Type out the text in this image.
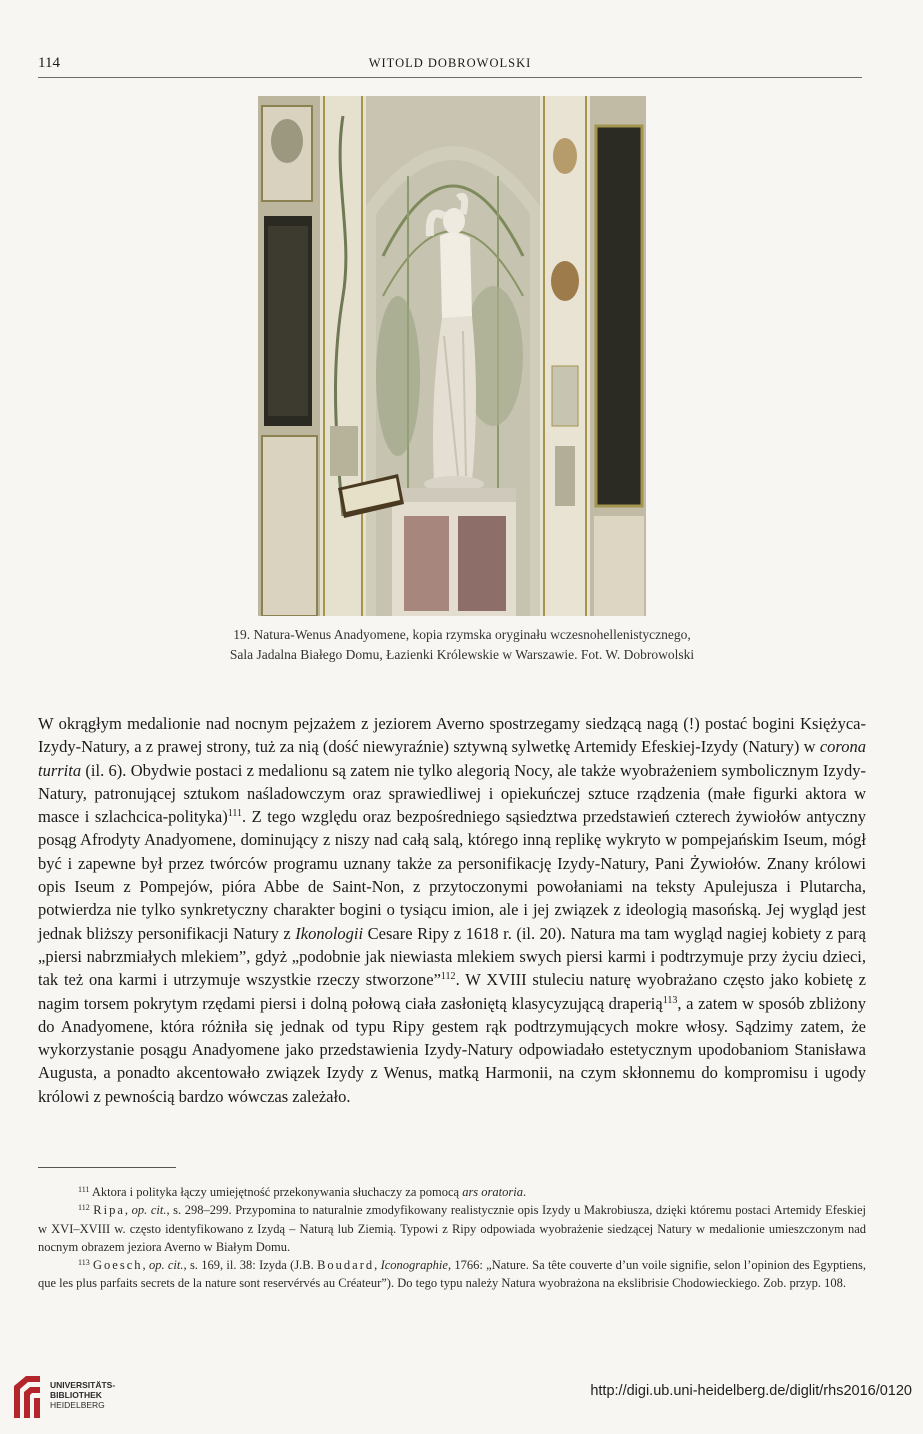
114	WITOLD DOBROWOLSKI
19. Natura-Wenus Anadyomene, kopia rzymska oryginału wczesnohellenistycznego,
Sala Jadalna Białego Domu, Łazienki Królewskie w Warszawie. Fot. W. Dobrowolski

W okrągłym medalionie nad nocnym pejzażem z jeziorem Averno spostrzegamy siedzącą nagą (!) postać bogini Księżyca-Izydy-Natury, a z prawej strony, tuż za nią (dość niewyraźnie) sztywną sylwetkę Artemidy Efeskiej-Izydy (Natury) w corona turrita (il. 6). Obydwie postaci z medalionu są zatem nie tylko alegorią Nocy, ale także wyobrażeniem symbolicznym Izydy-Natury, patronującej sztukom naśladowczym oraz sprawiedliwej i opiekuńczej sztuce rządzenia (małe figurki aktora w masce i szlachcica-polityka)$^{111}$. Z tego względu oraz bezpośredniego sąsiedztwa przedstawień czterech żywiołów antyczny posąg Afrodyty Anadyomene, dominujący z niszy nad całą salą, którego inną replikę wykryto w pompejańskim Iseum, mógł być i zapewne był przez twórców programu uznany także za personifikację Izydy-Natury, Pani Żywiołów. Znany królowi opis Iseum z Pompejów, pióra Abbe de Saint-Non, z przytoczonymi powołaniami na teksty Apulejusza i Plutarcha, potwierdza nie tylko synkretyczny charakter bogini o tysiącu imion, ale i jej związek z ideologią masońską. Jej wygląd jest jednak bliższy personifikacji Natury z Ikonologii Cesare Ripy z 1618 r. (il. 20). Natura ma tam wygląd nagiej kobiety z parą „piersi nabrzmiałych mlekiem”, gdyż „podobnie jak niewiasta mlekiem swych piersi karmi i podtrzymuje przy życiu dzieci, tak też ona karmi i utrzymuje wszystkie rzeczy stworzone”$^{112}$. W XVIII stuleciu naturę wyobrażano często jako kobietę z nagim torsem pokrytym rzędami piersi i dolną połową ciała zasłoniętą klasycyzującą draperią$^{113}$, a zatem w sposób zbliżony do Anadyomene, która różniła się jednak od typu Ripy gestem rąk podtrzymujących mokre włosy. Sądzimy zatem, że wykorzystanie posągu Anadyomene jako przedstawienia Izydy-Natury odpowiadało estetycznym upodobaniom Stanisława Augusta, a ponadto akcentowało związek Izydy z Wenus, matką Harmonii, na czym skłonnemu do kompromisu i ugody królowi z pewnością bardzo wówczas zależało.

$^{111}$ Aktora i polityka łączy umiejętność przekonywania słuchaczy za pomocą ars oratoria.

$^{112}$ Ripa, op. cit., s. 298–299. Przypomina to naturalnie zmodyfikowany realistycznie opis Izydy u Makrobiusza, dzięki któremu postaci Artemidy Efeskiej w XVI–XVIII w. często identyfikowano z Izydą – Naturą lub Ziemią. Typowi z Ripy odpowiada wyobrażenie siedzącej Natury w medalionie umieszczonym nad nocnym obrazem jeziora Averno w Białym Domu.

$^{113}$ Goesch, op. cit., s. 169, il. 38: Izyda (J.B. Boudard, Iconographie, 1766: „Nature. Sa tête couverte d’un voile signifie, selon l’opinion des Egyptiens, que les plus parfaits secrets de la nature sont reservérvés au Créateur”). Do tego typu należy Natura wyobrażona na ekslibrisie Chodowieckiego. Zob. przyp. 108.

UNIVERSITÄTS-
BIBLIOTHEK
HEIDELBERG
http://digi.ub.uni-heidelberg.de/diglit/rhs2016/0120
